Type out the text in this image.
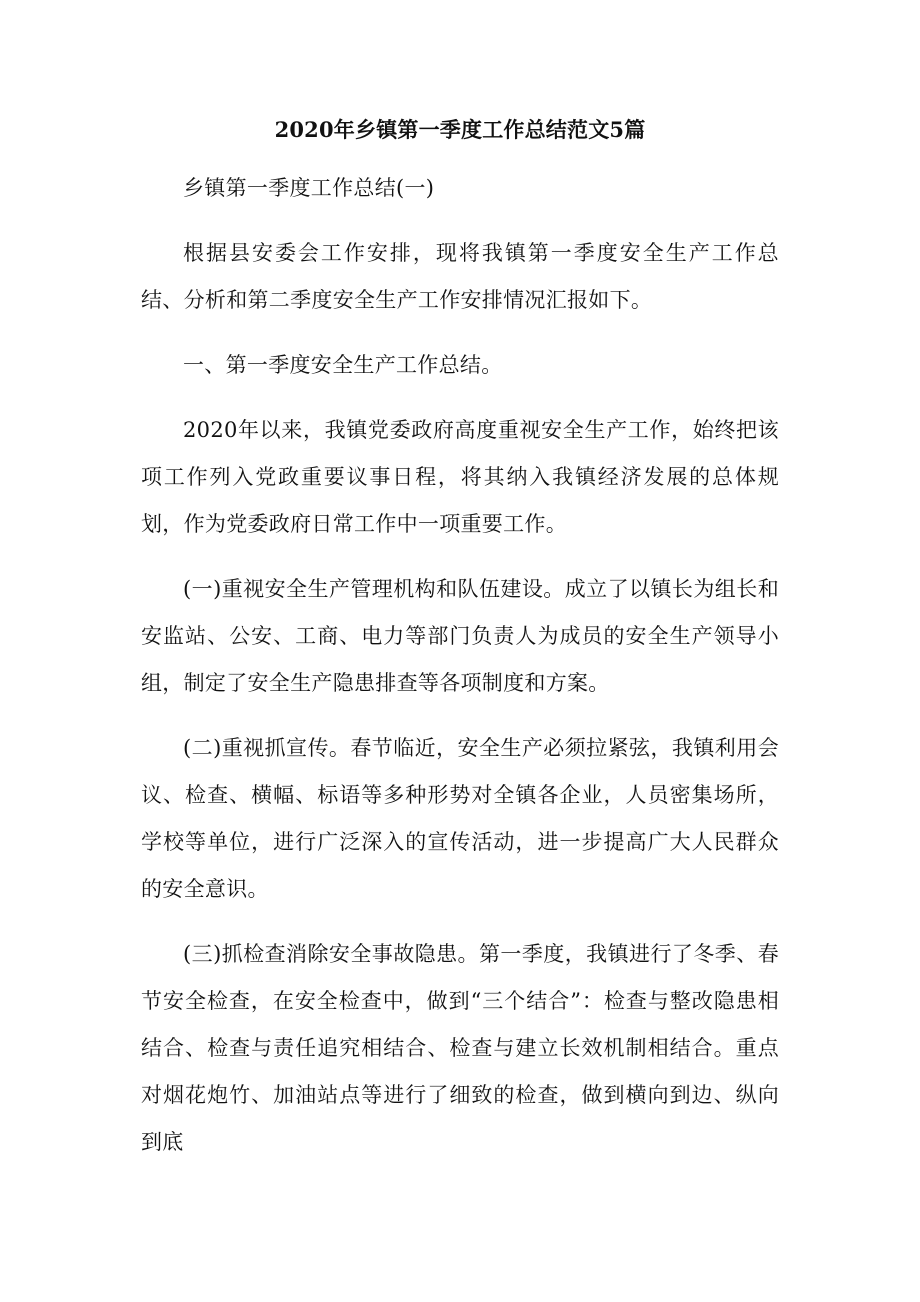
2020年乡镇第一季度工作总结范文5篇

乡镇第一季度工作总结(一)

根据县安委会工作安排，现将我镇第一季度安全生产工作总结、分析和第二季度安全生产工作安排情况汇报如下。

一、第一季度安全生产工作总结。

2020年以来，我镇党委政府高度重视安全生产工作，始终把该项工作列入党政重要议事日程，将其纳入我镇经济发展的总体规划，作为党委政府日常工作中一项重要工作。

(一)重视安全生产管理机构和队伍建设。成立了以镇长为组长和安监站、公安、工商、电力等部门负责人为成员的安全生产领导小组，制定了安全生产隐患排查等各项制度和方案。

(二)重视抓宣传。春节临近，安全生产必须拉紧弦，我镇利用会议、检查、横幅、标语等多种形势对全镇各企业，人员密集场所，学校等单位，进行广泛深入的宣传活动，进一步提高广大人民群众的安全意识。

(三)抓检查消除安全事故隐患。第一季度，我镇进行了冬季、春节安全检查，在安全检查中，做到“三个结合”：检查与整改隐患相结合、检查与责任追究相结合、检查与建立长效机制相结合。重点对烟花炮竹、加油站点等进行了细致的检查，做到横向到边、纵向到底
